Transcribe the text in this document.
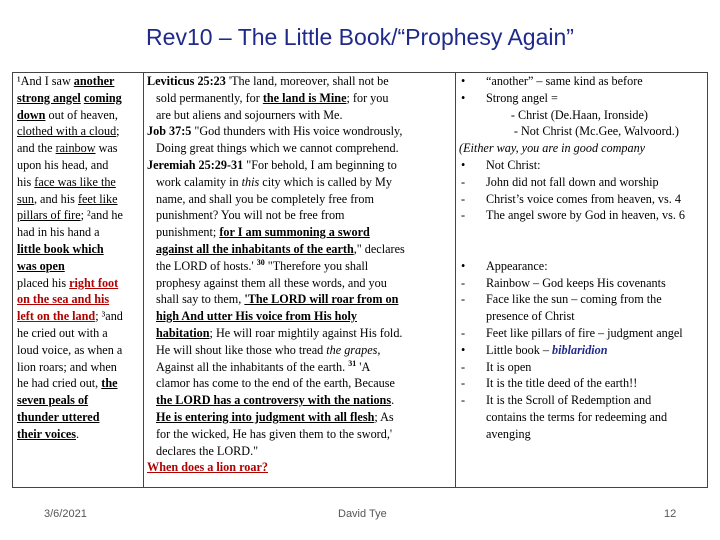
Rev10 – The Little Book/“Prophesy Again”
¹And I saw another
strong angel coming
down out of heaven,
clothed with a cloud;
and the rainbow was
upon his head, and
his face was like the
sun, and his feet like
pillars of fire; ²and he
had in his hand a
little book which
was open
placed his right foot
on the sea and his
left on the land; ³and
he cried out with a
loud voice, as when a
lion roars; and when
he had cried out, the
seven peals of
thunder uttered
their voices.
Leviticus 25:23 'The land, moreover, shall not be
sold permanently, for the land is Mine; for you
are but aliens and sojourners with Me.
Job 37:5 "God thunders with His voice wondrously,
Doing great things which we cannot comprehend.
Jeremiah 25:29-31 "For behold, I am beginning to
work calamity in this city which is called by My
name, and shall you be completely free from
punishment? You will not be free from
punishment; for I am summoning a sword
against all the inhabitants of the earth," declares
the LORD of hosts.' $^{30}$ "Therefore you shall
prophesy against them all these words, and you
shall say to them, 'The LORD will roar from on
high And utter His voice from His holy
habitation; He will roar mightily against His fold.
He will shout like those who tread the grapes,
Against all the inhabitants of the earth. $^{31}$ 'A
clamor has come to the end of the earth, Because
the LORD has a controversy with the nations.
He is entering into judgment with all flesh; As
for the wicked, He has given them to the sword,'
declares the LORD."
When does a lion roar?
•	“another” – same kind as before
•	Strong angel =
- Christ (De.Haan, Ironside)
- Not Christ (Mc.Gee, Walvoord.)
(Either way, you are in good company
•	Not Christ:
-	John did not fall down and worship
-	Christ’s voice comes from heaven, vs. 4
-	The angel swore by God in heaven, vs. 6
•	Appearance:
-	Rainbow – God keeps His covenants
-	Face like the sun – coming from the
presence of Christ
-	Feet like pillars of fire – judgment angel
•	Little book – biblaridion
-	It is open
-	It is the title deed of the earth!!
-	It is the Scroll of Redemption and
contains the terms for redeeming and
avenging
3/6/2021	David Tye	12
